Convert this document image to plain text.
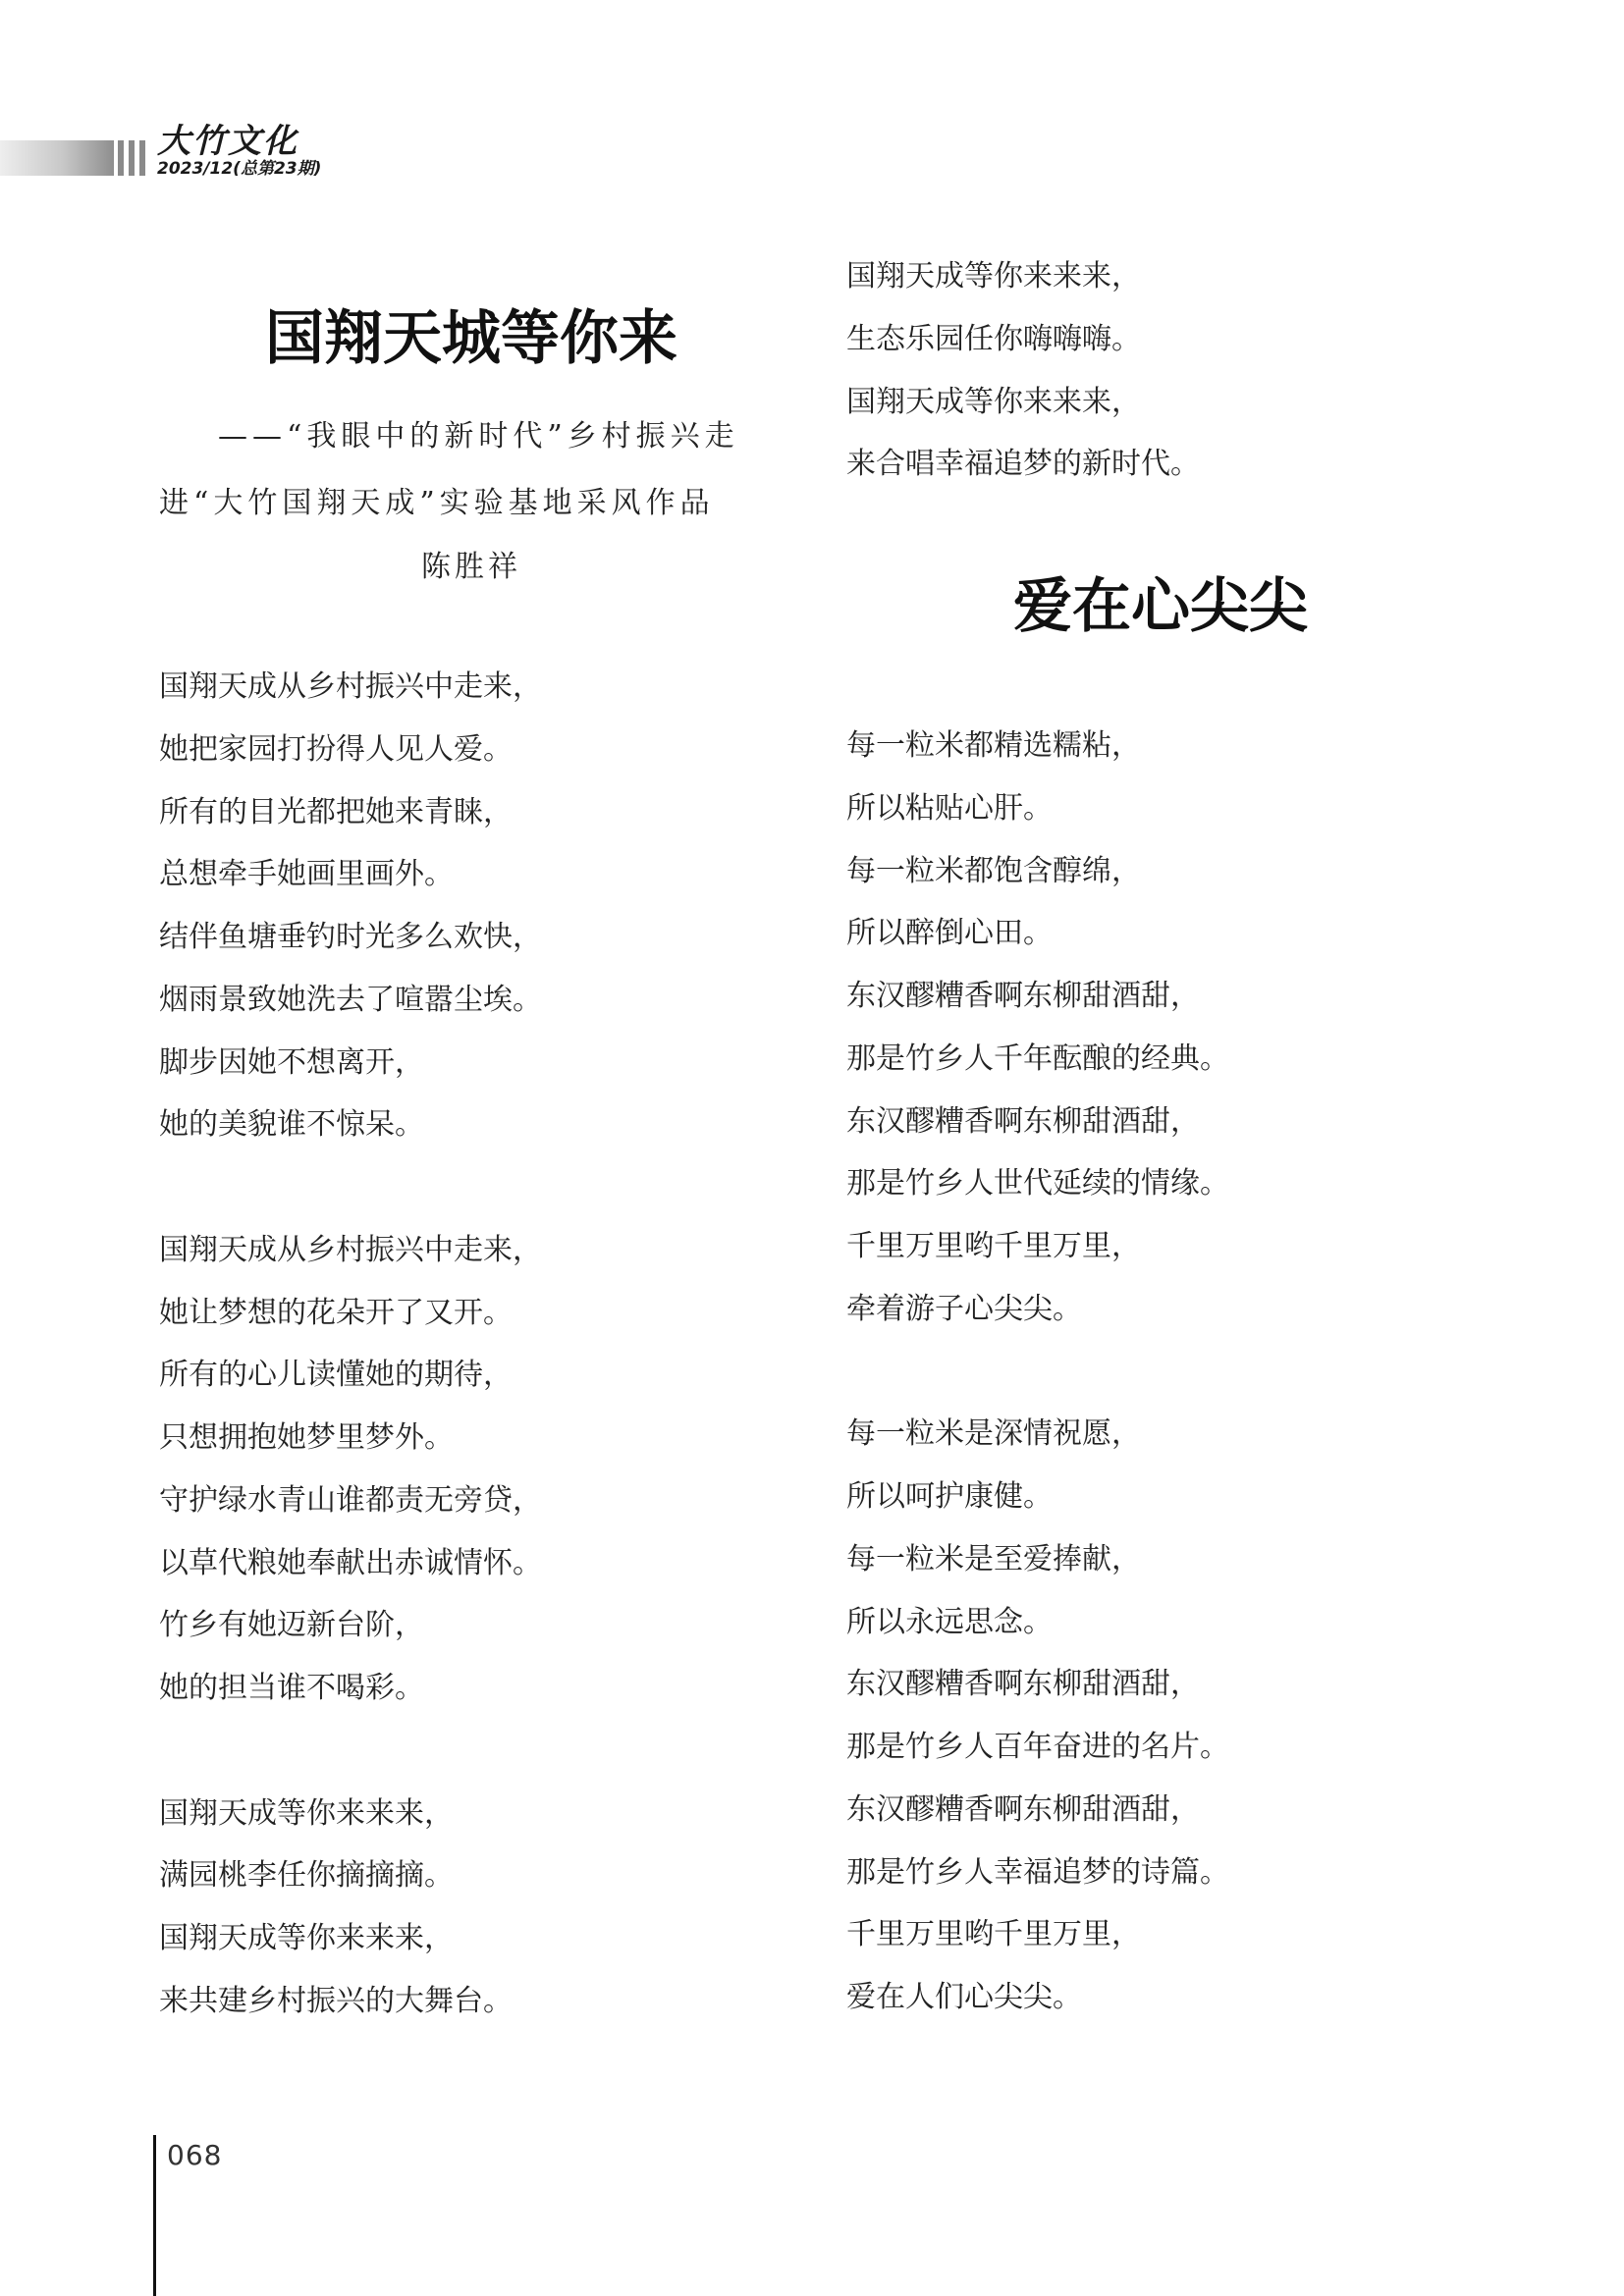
大竹文化
2023/12(总第23期)
国翔天城等你来
——“我眼中的新时代”乡村振兴走
进“大竹国翔天成”实验基地采风作品
陈胜祥
国翔天成从乡村振兴中走来，
她把家园打扮得人见人爱。
所有的目光都把她来青睐，
总想牵手她画里画外。
结伴鱼塘垂钓时光多么欢快，
烟雨景致她洗去了喧嚣尘埃。
脚步因她不想离开，
她的美貌谁不惊呆。
国翔天成从乡村振兴中走来，
她让梦想的花朵开了又开。
所有的心儿读懂她的期待，
只想拥抱她梦里梦外。
守护绿水青山谁都责无旁贷，
以草代粮她奉献出赤诚情怀。
竹乡有她迈新台阶，
她的担当谁不喝彩。
国翔天成等你来来来，
满园桃李任你摘摘摘。
国翔天成等你来来来，
来共建乡村振兴的大舞台。
国翔天成等你来来来，
生态乐园任你嗨嗨嗨。
国翔天成等你来来来，
来合唱幸福追梦的新时代。
爱在心尖尖
每一粒米都精选糯粘，
所以粘贴心肝。
每一粒米都饱含醇绵，
所以醉倒心田。
东汉醪糟香啊东柳甜酒甜，
那是竹乡人千年酝酿的经典。
东汉醪糟香啊东柳甜酒甜，
那是竹乡人世代延续的情缘。
千里万里哟千里万里，
牵着游子心尖尖。
每一粒米是深情祝愿，
所以呵护康健。
每一粒米是至爱捧献，
所以永远思念。
东汉醪糟香啊东柳甜酒甜，
那是竹乡人百年奋进的名片。
东汉醪糟香啊东柳甜酒甜，
那是竹乡人幸福追梦的诗篇。
千里万里哟千里万里，
爱在人们心尖尖。
068
